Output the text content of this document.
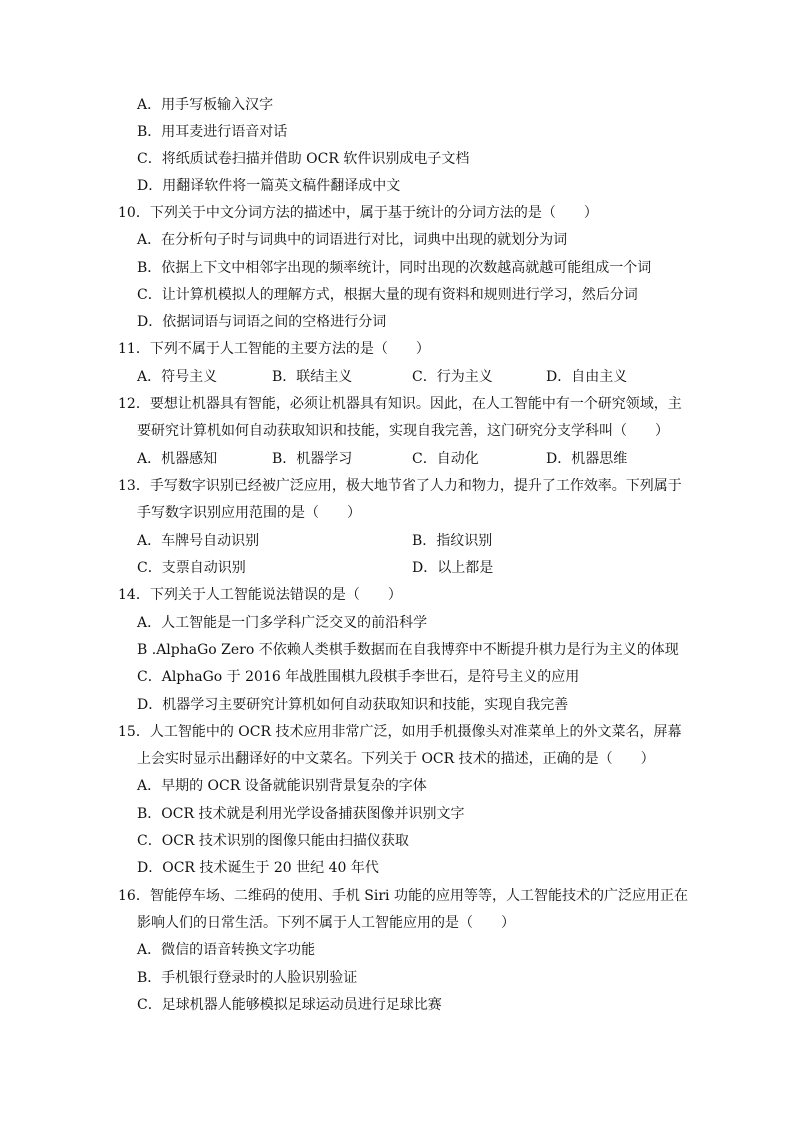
A．用手写板输入汉字
B．用耳麦进行语音对话
C．将纸质试卷扫描并借助 OCR 软件识别成电子文档
D．用翻译软件将一篇英文稿件翻译成中文
10．下列关于中文分词方法的描述中，属于基于统计的分词方法的是（　　）
A．在分析句子时与词典中的词语进行对比，词典中出现的就划分为词
B．依据上下文中相邻字出现的频率统计，同时出现的次数越高就越可能组成一个词
C．让计算机模拟人的理解方式，根据大量的现有资料和规则进行学习，然后分词
D．依据词语与词语之间的空格进行分词
11．下列不属于人工智能的主要方法的是（　　）
A．符号主义	B．联结主义	C．行为主义	D．自由主义
12．要想让机器具有智能，必须让机器具有知识。因此，在人工智能中有一个研究领域，主
要研究计算机如何自动获取知识和技能，实现自我完善，这门研究分支学科叫（　　）
A．机器感知	B．机器学习	C．自动化	D．机器思维
13．手写数字识别已经被广泛应用，极大地节省了人力和物力，提升了工作效率。下列属于
手写数字识别应用范围的是（　　）
A．车牌号自动识别	B．指纹识别
C．支票自动识别	D．以上都是
14．下列关于人工智能说法错误的是（　　）
A．人工智能是一门多学科广泛交叉的前沿科学
B .AlphaGo Zero 不依赖人类棋手数据而在自我博弈中不断提升棋力是行为主义的体现
C．AlphaGo 于 2016 年战胜围棋九段棋手李世石，是符号主义的应用
D．机器学习主要研究计算机如何自动获取知识和技能，实现自我完善
15．人工智能中的 OCR 技术应用非常广泛，如用手机摄像头对准菜单上的外文菜名，屏幕
上会实时显示出翻译好的中文菜名。下列关于 OCR 技术的描述，正确的是（　　）
A．早期的 OCR 设备就能识别背景复杂的字体
B．OCR 技术就是利用光学设备捕获图像并识别文字
C．OCR 技术识别的图像只能由扫描仪获取
D．OCR 技术诞生于 20 世纪 40 年代
16．智能停车场、二维码的使用、手机 Siri 功能的应用等等，人工智能技术的广泛应用正在
影响人们的日常生活。下列不属于人工智能应用的是（　　）
A．微信的语音转换文字功能
B．手机银行登录时的人脸识别验证
C．足球机器人能够模拟足球运动员进行足球比赛
